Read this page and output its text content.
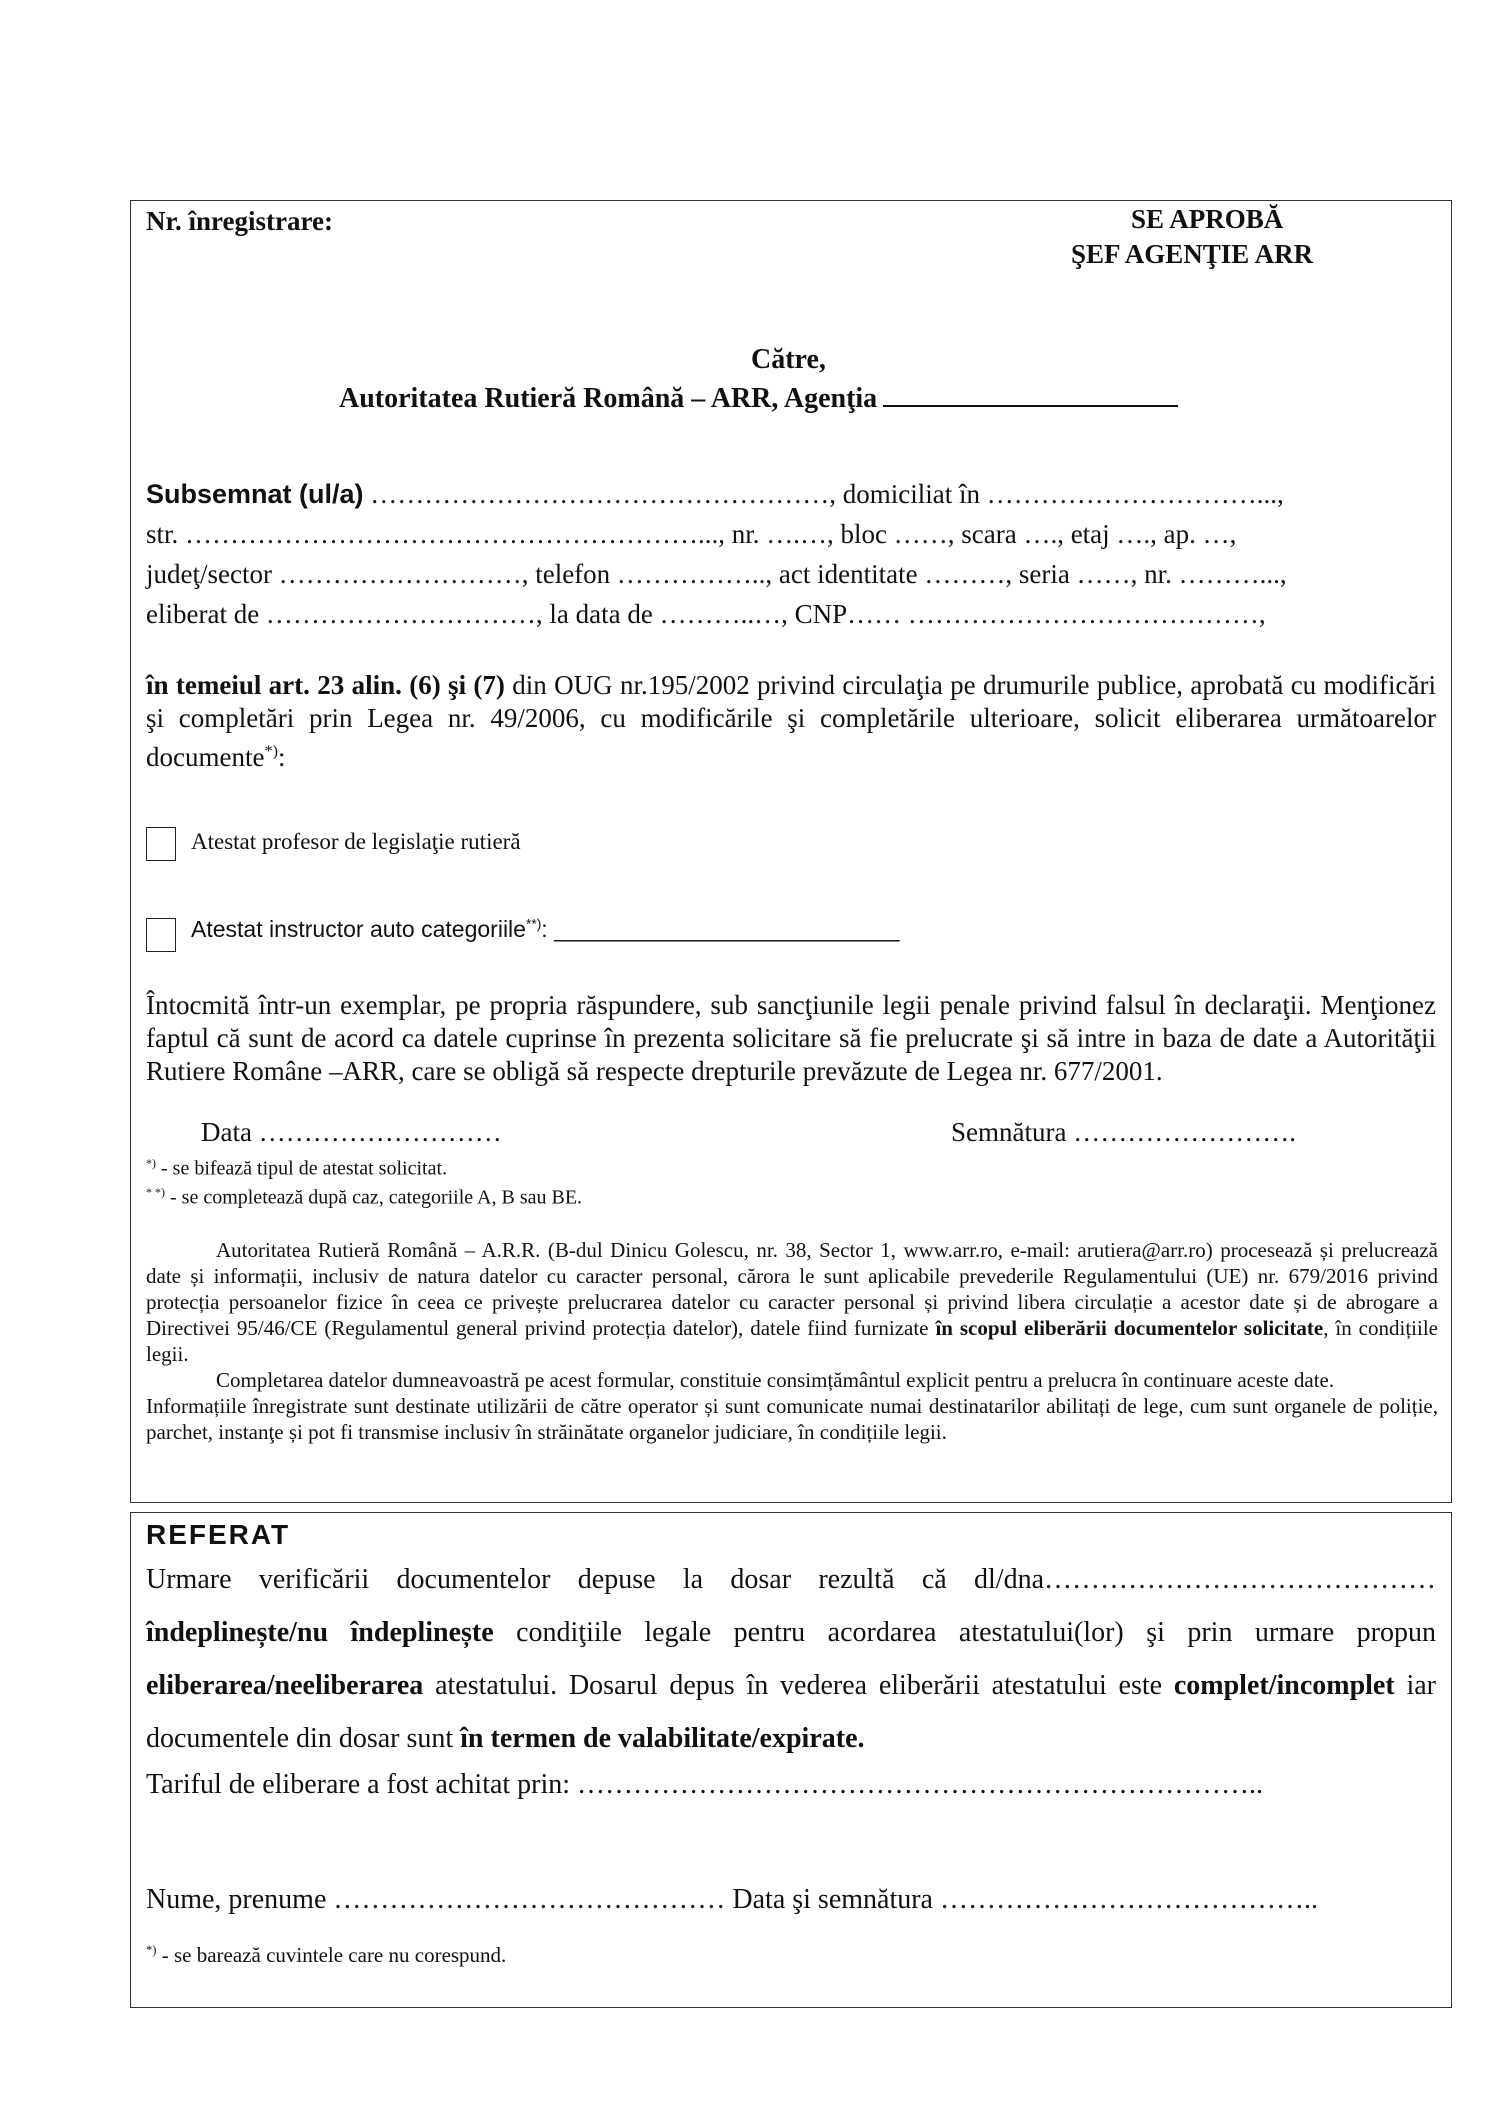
Nr. înregistrare:	SE APROBĂ
ŞEF AGENŢIE ARR
Către,
Autoritatea Rutieră Română – ARR, Agenţia
Subsemnat (ul/a) ……………………………………………, domiciliat în …………………………...,
str. …………………………………………………..., nr. ….…, bloc ……, scara …., etaj …., ap. …,
judeţ/sector ………………………, telefon …………….., act identitate ………, seria ……, nr. ………...,
eliberat de …………………………, la data de ………..…, CNP…… …………………………………,
în temeiul art. 23 alin. (6) şi (7) din OUG nr.195/2002 privind circulaţia pe drumurile publice, aprobată cu modificări şi completări prin Legea nr. 49/2006, cu modificările şi completările ulterioare, solicit eliberarea următoarelor documente*):
Atestat profesor de legislaţie rutieră
Atestat instructor auto categoriile**): ___________________________
Întocmită într-un exemplar, pe propria răspundere, sub sancţiunile legii penale privind falsul în declaraţii. Menţionez faptul că sunt de acord ca datele cuprinse în prezenta solicitare să fie prelucrate şi să intre in baza de date a Autorităţii Rutiere Române –ARR, care se obligă să respecte drepturile prevăzute de Legea nr. 677/2001.
Data ………………………	Semnătura …………………….
*) - se bifează tipul de atestat solicitat.
* *) - se completează după caz, categoriile A, B sau BE.
Autoritatea Rutieră Română – A.R.R. (B-dul Dinicu Golescu, nr. 38, Sector 1, www.arr.ro, e-mail: arutiera@arr.ro) procesează și prelucrează date și informații, inclusiv de natura datelor cu caracter personal, cărora le sunt aplicabile prevederile Regulamentului (UE) nr. 679/2016 privind protecția persoanelor fizice în ceea ce privește prelucrarea datelor cu caracter personal și privind libera circulație a acestor date și de abrogare a Directivei 95/46/CE (Regulamentul general privind protecția datelor), datele fiind furnizate în scopul eliberării documentelor solicitate, în condițiile legii.
Completarea datelor dumneavoastră pe acest formular, constituie consimțământul explicit pentru a prelucra în continuare aceste date.
Informațiile înregistrate sunt destinate utilizării de către operator și sunt comunicate numai destinatarilor abilitați de lege, cum sunt organele de poliție, parchet, instanţe și pot fi transmise inclusiv în străinătate organelor judiciare, în condițiile legii.
REFERAT
Urmare verificării documentelor depuse la dosar rezultă că dl/dna…………………………………… îndeplinește/nu îndeplinește condiţiile legale pentru acordarea atestatului(lor) şi prin urmare propun eliberarea/neeliberarea atestatului. Dosarul depus în vederea eliberării atestatului este complet/incomplet iar documentele din dosar sunt în termen de valabilitate/expirate.
Tariful de eliberare a fost achitat prin: ………………………………………………………………..
Nume, prenume …………………………………… Data şi semnătura …………………………………..
*) - se barează cuvintele care nu corespund.
